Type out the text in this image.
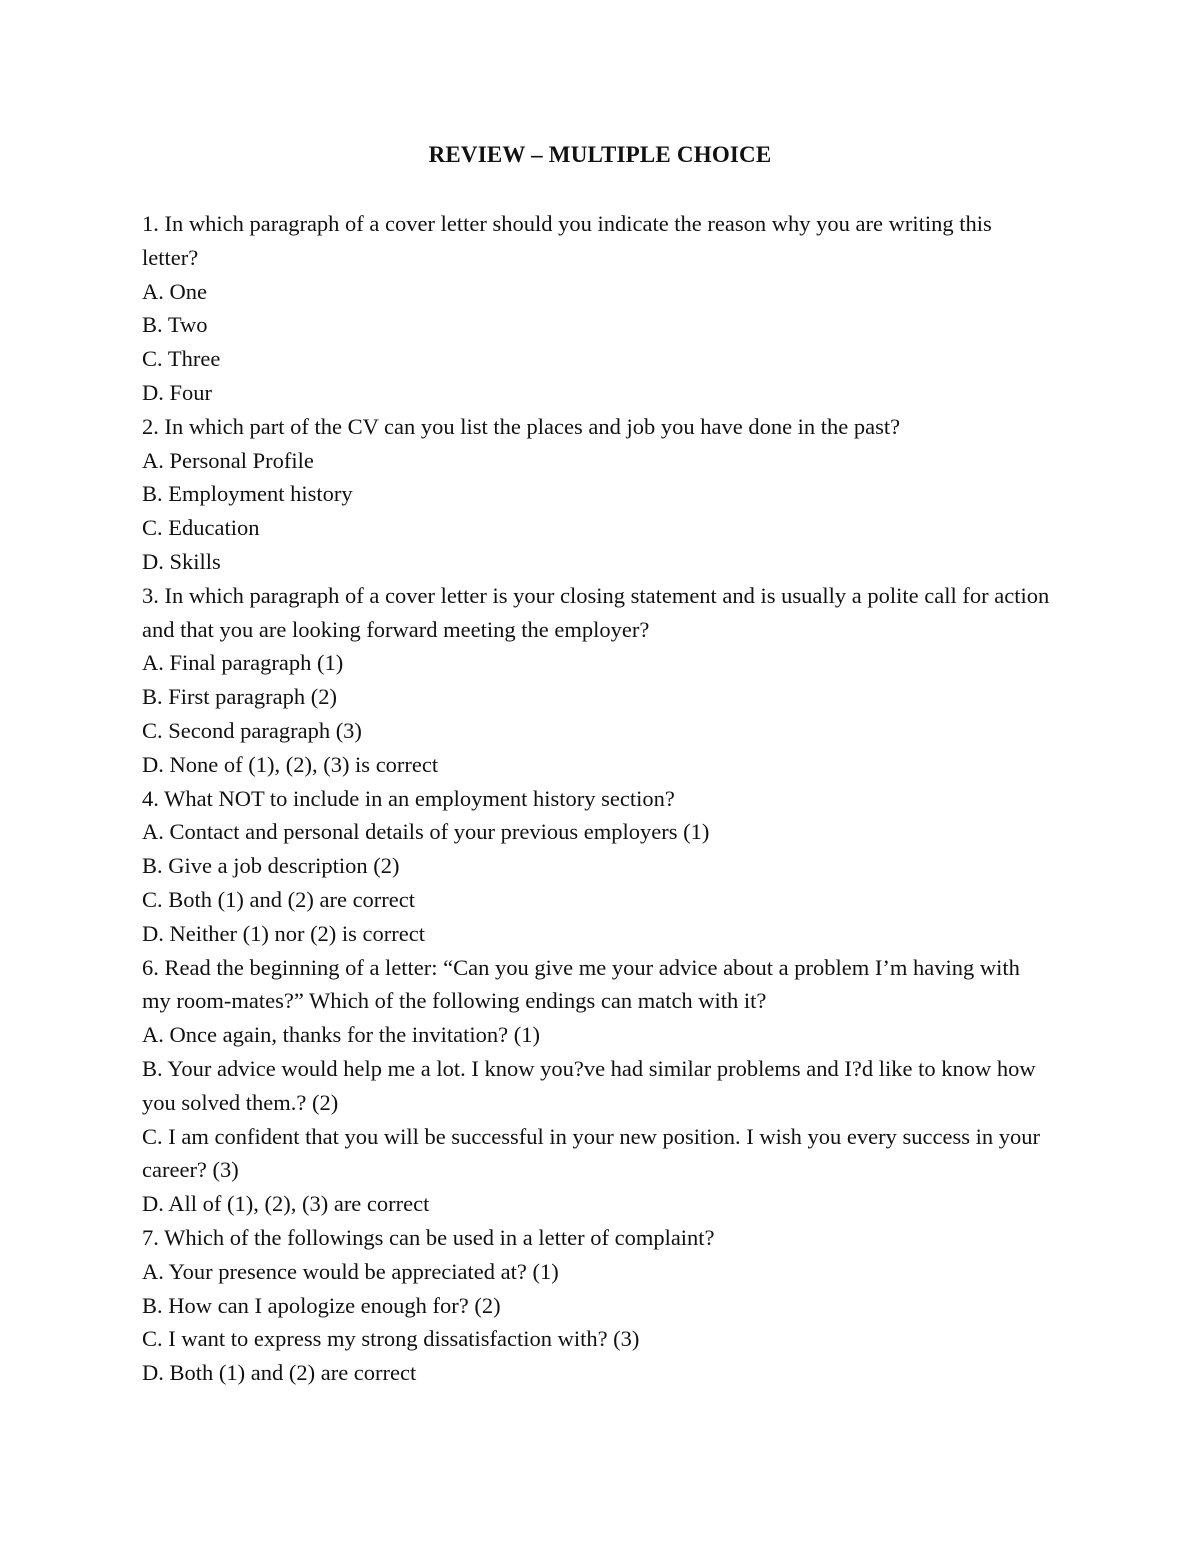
REVIEW – MULTIPLE CHOICE

1. In which paragraph of a cover letter should you indicate the reason why you are writing this letter?

A. One

B. Two

C. Three

D. Four

2. In which part of the CV can you list the places and job you have done in the past?

A. Personal Profile

B. Employment history

C. Education

D. Skills

3. In which paragraph of a cover letter is your closing statement and is usually a polite call for action and that you are looking forward meeting the employer?

A. Final paragraph (1)

B. First paragraph (2)

C. Second paragraph (3)

D. None of (1), (2), (3) is correct

4. What NOT to include in an employment history section?

A. Contact and personal details of your previous employers (1)

B. Give a job description (2)

C. Both (1) and (2) are correct

D. Neither (1) nor (2) is correct

6. Read the beginning of a letter: “Can you give me your advice about a problem I’m having with my room-mates?” Which of the following endings can match with it?

A. Once again, thanks for the invitation? (1)

B. Your advice would help me a lot. I know you?ve had similar problems and I?d like to know how you solved them.? (2)

C. I am confident that you will be successful in your new position. I wish you every success in your career? (3)

D. All of (1), (2), (3) are correct

7. Which of the followings can be used in a letter of complaint?

A. Your presence would be appreciated at? (1)

B. How can I apologize enough for? (2)

C. I want to express my strong dissatisfaction with? (3)

D. Both (1) and (2) are correct
